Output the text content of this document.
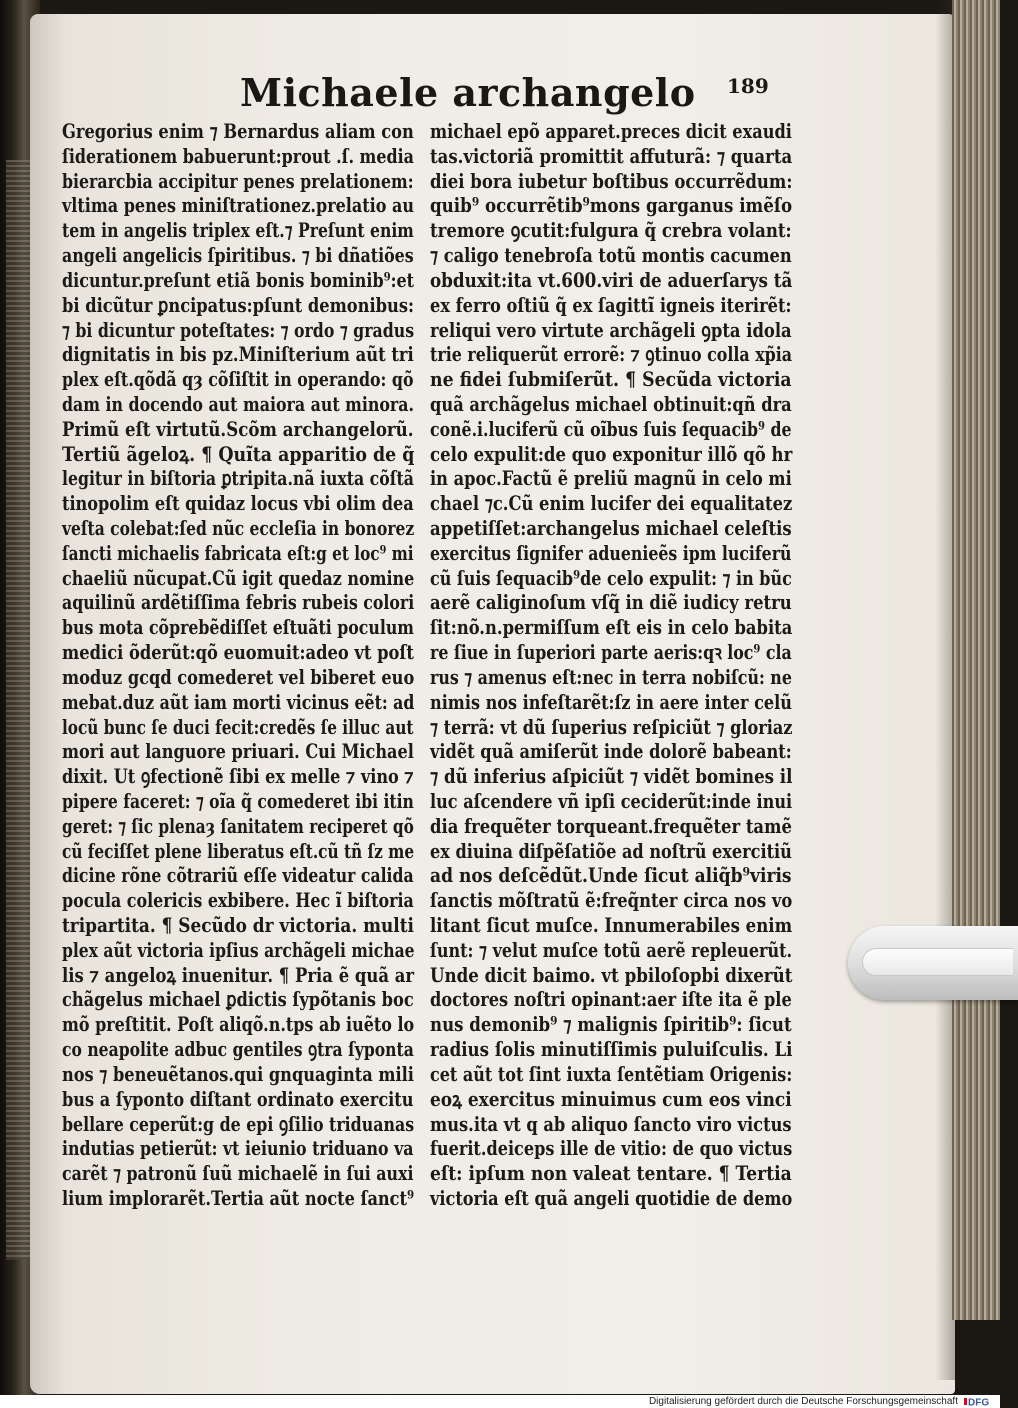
Michaele archangelo 189
Gregorius enim ⁊ Bernardus aliam con
ſiderationem babuerunt:prout .ſ. media
bierarcbia accipitur penes prelationem:
vltima penes miniſtrationez.prelatio au
tem in angelis triplex eſt.⁊ Preſunt enim
angeli angelicis ſpiritibus. ⁊ bi dñatiões
dicuntur.preſunt etiã bonis bominib⁹:et
bi dicũtur ꝑncipatus:pſunt demonibus:
⁊ bi dicuntur poteſtates: ⁊ ordo ⁊ gradus
dignitatis in bis pz.Miniſterium aũt tri
plex eſt.qõdã qȝ cõſiſtit in operando: qõ
dam in docendo aut maiora aut minora.
Primũ eſt virtutũ.Scõm archangelorũ.
Tertiũ ãgeloꝝ. ¶ Quĩta apparitio de q̃
legitur in biſtoria ꝑtripita.nã iuxta cõſtã
tinopolim eſt quidaz locus vbi olim dea
veſta colebat:ſed nũc eccleſia in bonorez
ſancti michaelis fabricata eſt:g et loc⁹ mi
chaeliũ nũcupat.Cũ igit quedaz nomine
aquilinũ ardẽtiſſima febris rubeis colori
bus mota cõprebẽdiſſet eſtuãti poculum
medici õderũt:qõ euomuit:adeo vt poſt
moduz gcqd comederet vel biberet euo
mebat.duz aũt iam morti vicinus eẽt: ad
locũ bunc ſe duci fecit:credẽs ſe illuc aut
mori aut languore priuari. Cui Michael
dixit. Ut ꝯfectionẽ ſibi ex melle ⁊ vino ⁊
pipere faceret: ⁊ oĩa q̃ comederet ibi itin
geret: ⁊ ſic plenaȝ ſanitatem reciperet qõ
cũ feciſſet plene liberatus eſt.cũ tñ ſz me
dicine rõne cõtrariũ eſſe videatur calida
pocula colericis exbibere. Hec ĩ biſtoria
tripartita. ¶ Secũdo dr victoria. multi
plex aũt victoria ipſius archãgeli michae
lis ⁊ angeloꝝ inuenitur. ¶ Pria ẽ quã ar
chãgelus michael ꝑdictis ſypõtanis boc
mõ preſtitit. Poſt aliqõ.n.tps ab iuẽto lo
co neapolite adbuc gentiles ꝯtra ſyponta
nos ⁊ beneuẽtanos.qui gnquaginta mili
bus a ſyponto diſtant ordinato exercitu
bellare ceperũt:g de epi ꝯſilio triduanas
indutias petierũt: vt ieiunio triduano va
carẽt ⁊ patronũ ſuũ michaelẽ in ſui auxi
lium implorarẽt.Tertia aũt nocte ſanct⁹
michael epõ apparet.preces dicit exaudi
tas.victoriã promittit affuturã: ⁊ quarta
diei bora iubetur boſtibus occurrẽdum:
quib⁹ occurrẽtib⁹mons garganus imẽſo
tremore ꝯcutit:fulgura q̃ crebra volant:
⁊ caligo tenebroſa totũ montis cacumen
obduxit:ita vt.600.viri de aduerſarys tã
ex ferro oſtiũ q̃ ex ſagittĩ igneis iterirẽt:
reliqui vero virtute archãgeli ꝯpta idola
trie reliquerũt errorẽ: ⁊ ꝯtinuo colla xp̃ia
ne fidei ſubmiſerũt. ¶ Secũda victoria
quã archãgelus michael obtinuit:qñ dra
conẽ.i.luciferũ cũ oĩbus ſuis ſequacib⁹ de
celo expulit:de quo exponitur illõ qõ hr
in apoc.Factũ ẽ preliũ magnũ in celo mi
chael ⁊c.Cũ enim lucifer dei equalitatez
appetiſſet:archangelus michael celeſtis
exercitus ſignifer aduenieẽs ipm luciferũ
cũ ſuis ſequacib⁹de celo expulit: ⁊ in bũc
aerẽ caliginoſum vſq̃ in diẽ iudicy retru
ſit:nõ.n.permiſſum eſt eis in celo babita
re ſiue in ſuperiori parte aeris:qꝛ loc⁹ cla
rus ⁊ amenus eſt:nec in terra nobiſcũ: ne
nimis nos infeſtarẽt:ſz in aere inter celũ
⁊ terrã: vt dũ ſuperius reſpiciũt ⁊ gloriaz
vidẽt quã amiſerũt inde dolorẽ babeant:
⁊ dũ inferius aſpiciũt ⁊ vidẽt bomines il
luc aſcendere vñ ipſi ceciderũt:inde inui
dia frequẽter torqueant.frequẽter tamẽ
ex diuina diſpẽſatiõe ad noſtrũ exercitiũ
ad nos deſcẽdũt.Unde ſicut aliq̃b⁹viris
ſanctis mõſtratũ ẽ:freq̃nter circa nos vo
litant ſicut muſce. Innumerabiles enim
ſunt: ⁊ velut muſce totũ aerẽ repleuerũt.
Unde dicit baimo. vt pbiloſopbi dixerũt
doctores noſtri opinant:aer iſte ita ẽ ple
nus demonib⁹ ⁊ malignis ſpiritib⁹: ſicut
radius ſolis minutiſſimis puluiſculis. Li
cet aũt tot ſint iuxta ſentẽtiam Origenis:
eoꝝ exercitus minuimus cum eos vinci
mus.ita vt q ab aliquo ſancto viro victus
fuerit.deiceps ille de vitio: de quo victus
eſt: ipſum non valeat tentare. ¶ Tertia
victoria eſt quã angeli quotidie de demo
Digitalisierung gefördert durch die Deutsche Forschungsgemeinschaft DFG
